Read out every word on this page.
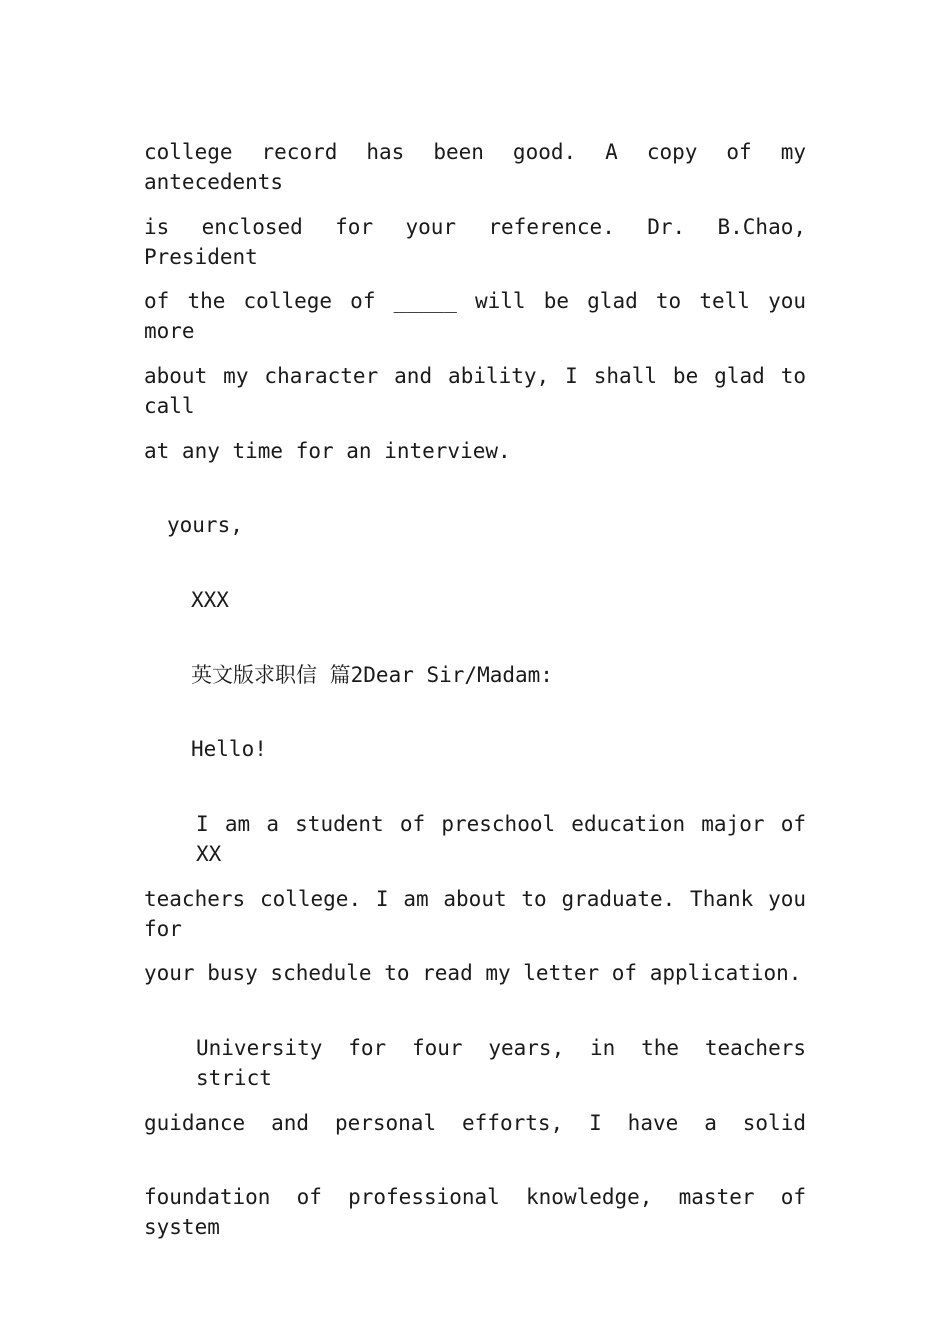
college record has been good. A copy of my antecedents

is enclosed for your reference. Dr. B.Chao, President

of the college of _____ will be glad to tell you more

about my character and ability, I shall be glad to call

at any time for an interview.

yours,

XXX

英文版求职信 篇2Dear Sir/Madam:

Hello!

I am a student of preschool education major of XX

teachers college. I am about to graduate. Thank you for

your busy schedule to read my letter of application.

University for four years, in the teachers strict

guidance and personal efforts, I have a solid

foundation of professional knowledge, master of system
